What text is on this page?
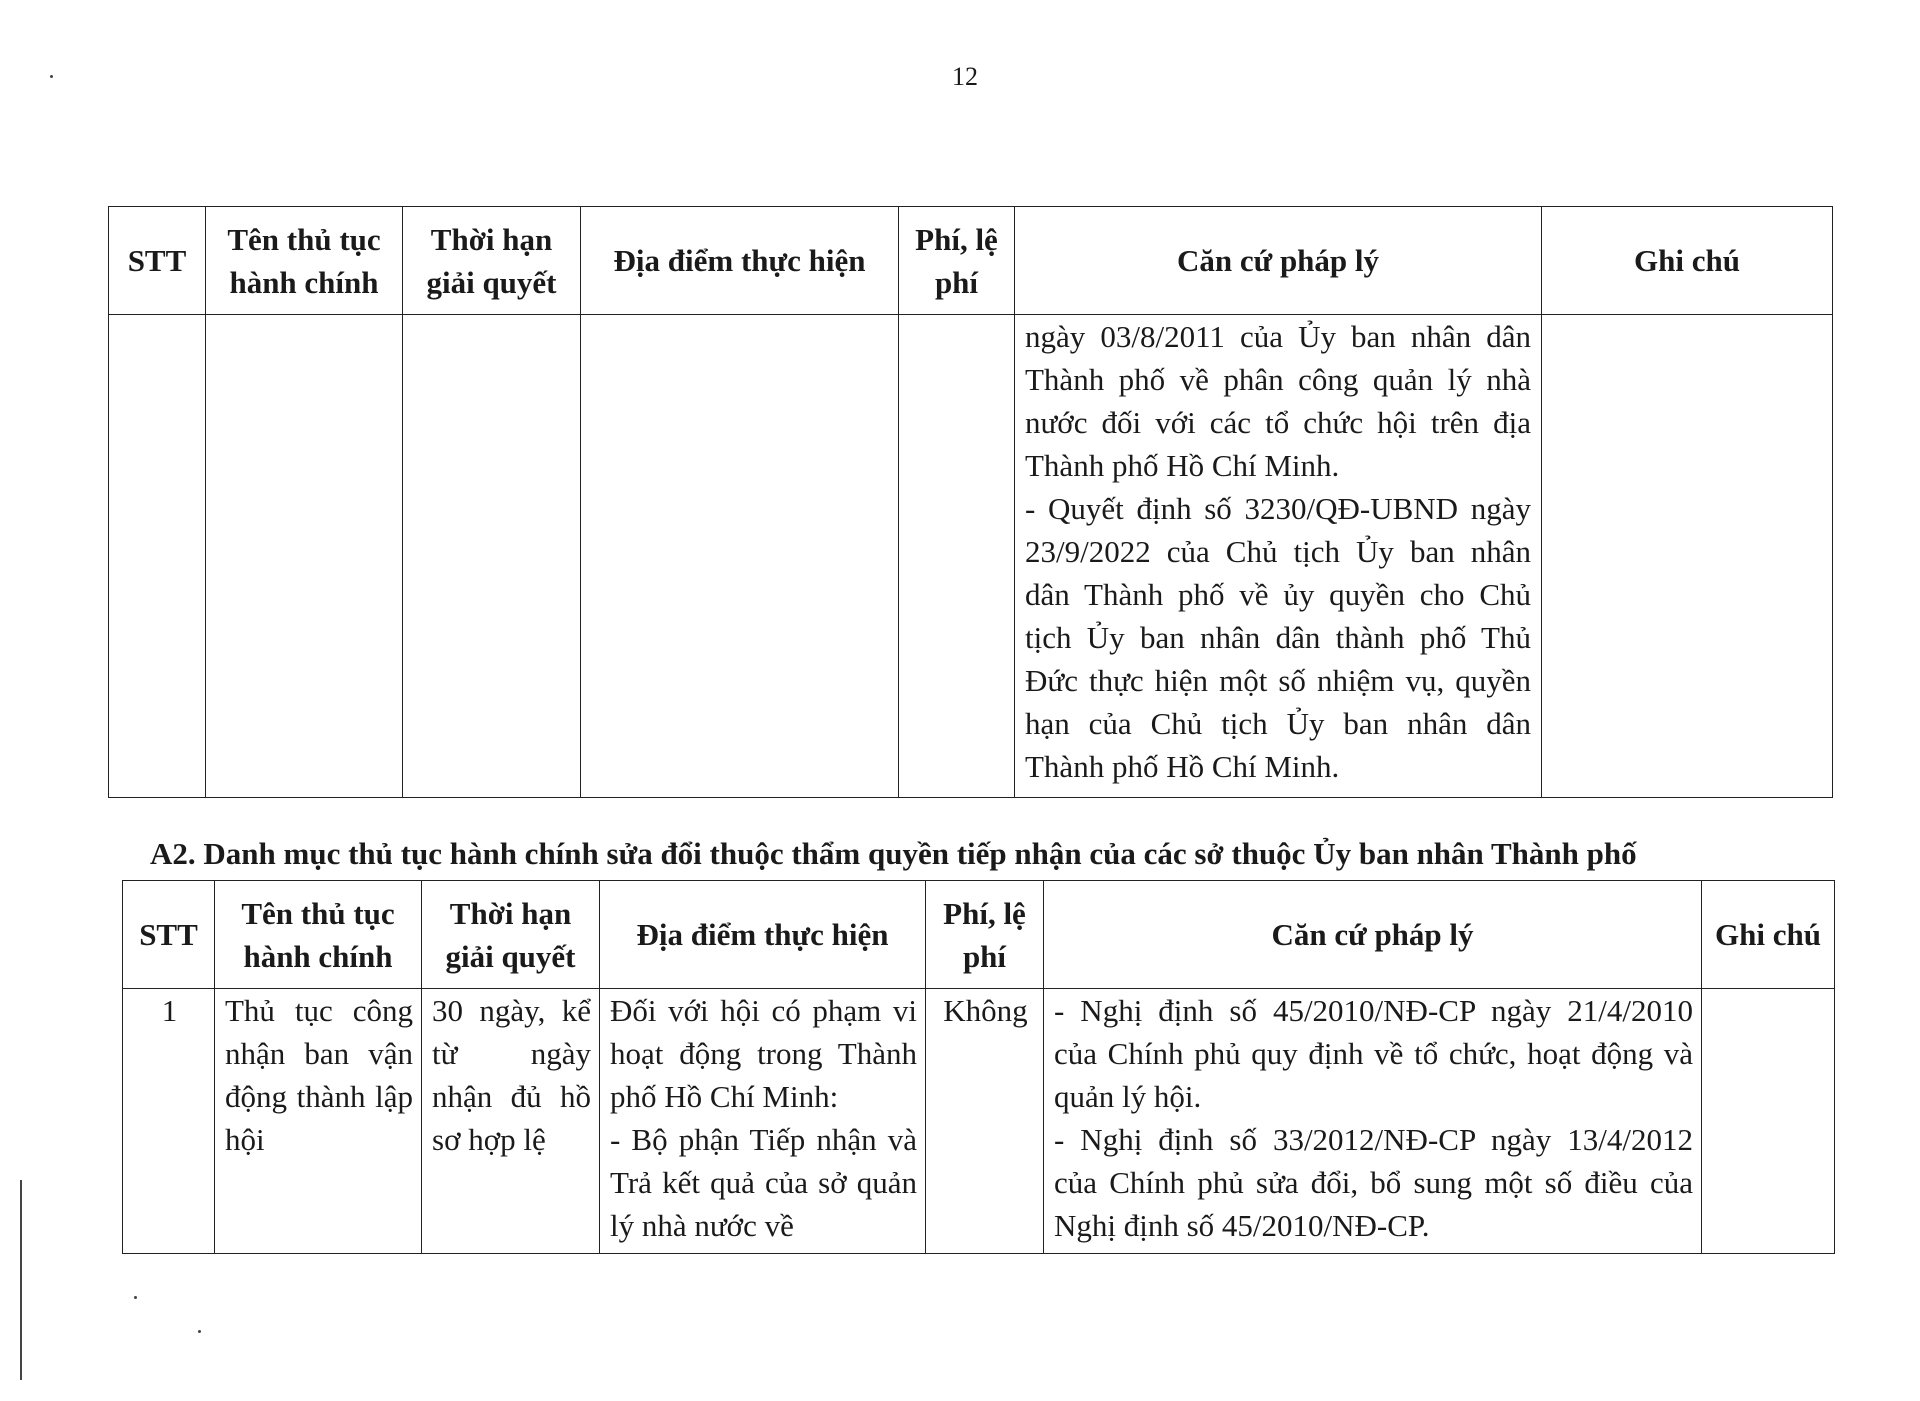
12
STT	Tên thủ tục hành chính	Thời hạn giải quyết	Địa điểm thực hiện	Phí, lệ phí	Căn cứ pháp lý	Ghi chú

					ngày 03/8/2011 của Ủy ban nhân dân Thành phố về phân công quản lý nhà nước đối với các tổ chức hội trên địa Thành phố Hồ Chí Minh.
- Quyết định số 3230/QĐ-UBND ngày 23/9/2022 của Chủ tịch Ủy ban nhân dân Thành phố về ủy quyền cho Chủ tịch Ủy ban nhân dân thành phố Thủ Đức thực hiện một số nhiệm vụ, quyền hạn của Chủ tịch Ủy ban nhân dân Thành phố Hồ Chí Minh.	

A2. Danh mục thủ tục hành chính sửa đổi thuộc thẩm quyền tiếp nhận của các sở thuộc Ủy ban nhân Thành phố
STT	Tên thủ tục hành chính	Thời hạn giải quyết	Địa điểm thực hiện	Phí, lệ phí	Căn cứ pháp lý	Ghi chú

1	Thủ tục công nhận ban vận động thành lập hội	30 ngày, kể từ ngày nhận đủ hồ sơ hợp lệ	Đối với hội có phạm vi hoạt động trong Thành phố Hồ Chí Minh:
- Bộ phận Tiếp nhận và Trả kết quả của sở quản lý nhà nước về	Không	- Nghị định số 45/2010/NĐ-CP ngày 21/4/2010 của Chính phủ quy định về tổ chức, hoạt động và quản lý hội.
- Nghị định số 33/2012/NĐ-CP ngày 13/4/2012 của Chính phủ sửa đổi, bổ sung một số điều của Nghị định số 45/2010/NĐ-CP.	
